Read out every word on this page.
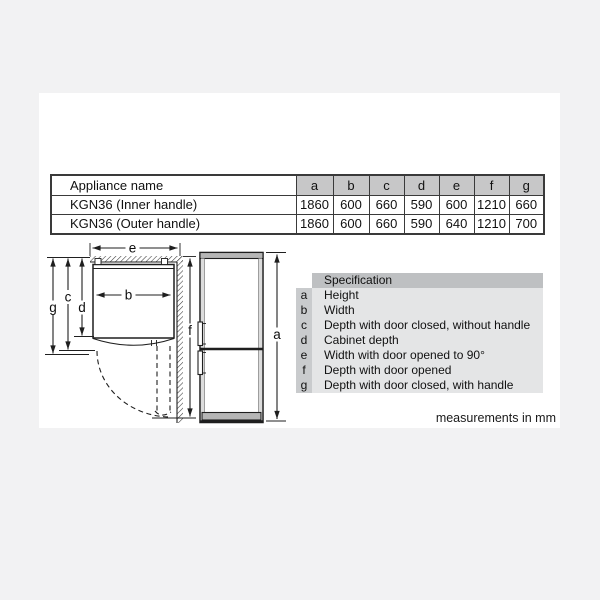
Appliance name	a	b	c	d	e	f	g
KGN36 (Inner handle)	1860	600	660	590	600	1210	660
KGN36 (Outer handle)	1860	600	660	590	640	1210	700
e
b
c
g d
f	a
Specification
a	Height
b	Width
c	Depth with door closed, without handle
d	Cabinet depth
e	Width with door opened to 90°
f	Depth with door opened
g	Depth with door closed, with handle
measurements in mm
